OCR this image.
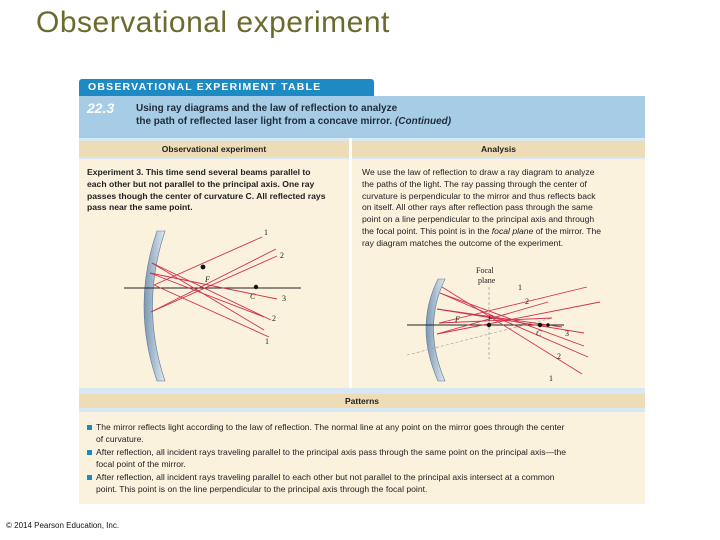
Observational experiment
OBSERVATIONAL EXPERIMENT TABLE
22.3 Using ray diagrams and the law of reflection to analyze
the path of reflected laser light from a concave mirror. (Continued)
Observational experiment	Analysis
Experiment 3. This time send several beams parallel to
each other but not parallel to the principal axis. One ray
passes though the center of curvature C. All reflected rays
pass near the same point.
1
2
F
C	3
2
1
We use the law of reflection to draw a ray diagram to analyze
the paths of the light. The ray passing through the center of
curvature is perpendicular to the mirror and thus reflects back
on itself. All other rays after reflection pass through the same
point on a line perpendicular to the principal axis and through
the focal point. This point is in the focal plane of the mirror. The
ray diagram matches the outcome of the experiment.
Focal
plane
1
2
F	F
C	3
2
1
Patterns
The mirror reflects light according to the law of reflection. The normal line at any point on the mirror goes through the center
of curvature.
After reflection, all incident rays traveling parallel to the principal axis pass through the same point on the principal axis—the
focal point of the mirror.
After reflection, all incident rays traveling parallel to each other but not parallel to the principal axis intersect at a common
point. This point is on the line perpendicular to the principal axis through the focal point.
© 2014 Pearson Education, Inc.
